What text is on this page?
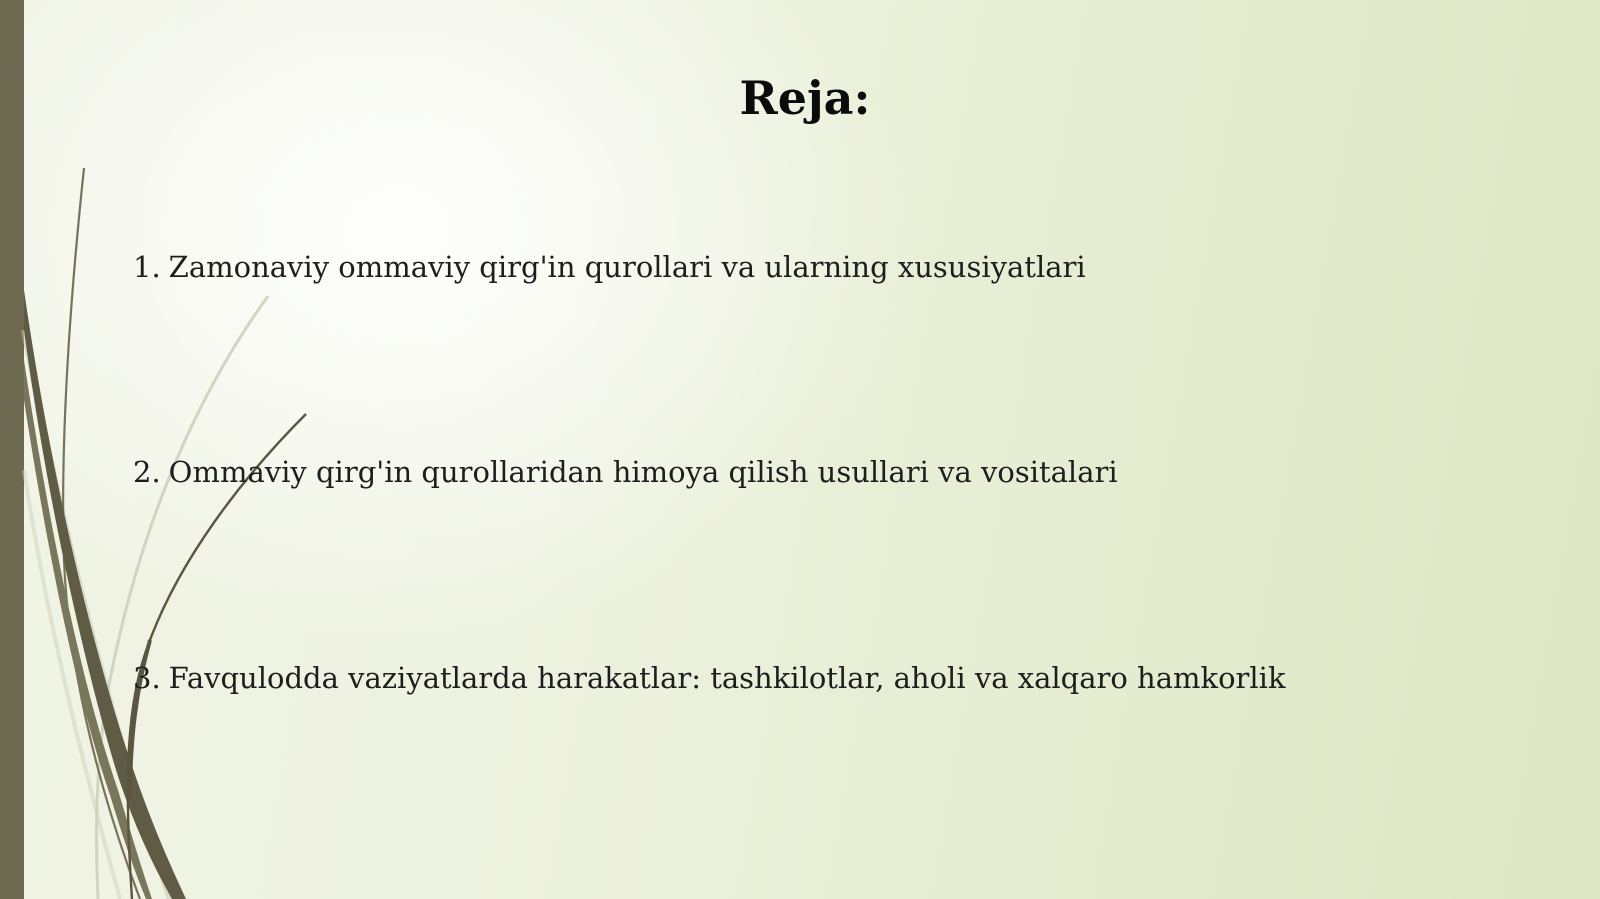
Reja:
1. Zamonaviy ommaviy qirg'in qurollari va ularning xususiyatlari
2. Ommaviy qirg'in qurollaridan himoya qilish usullari va vositalari
3. Favqulodda vaziyatlarda harakatlar: tashkilotlar, aholi va xalqaro hamkorlik
